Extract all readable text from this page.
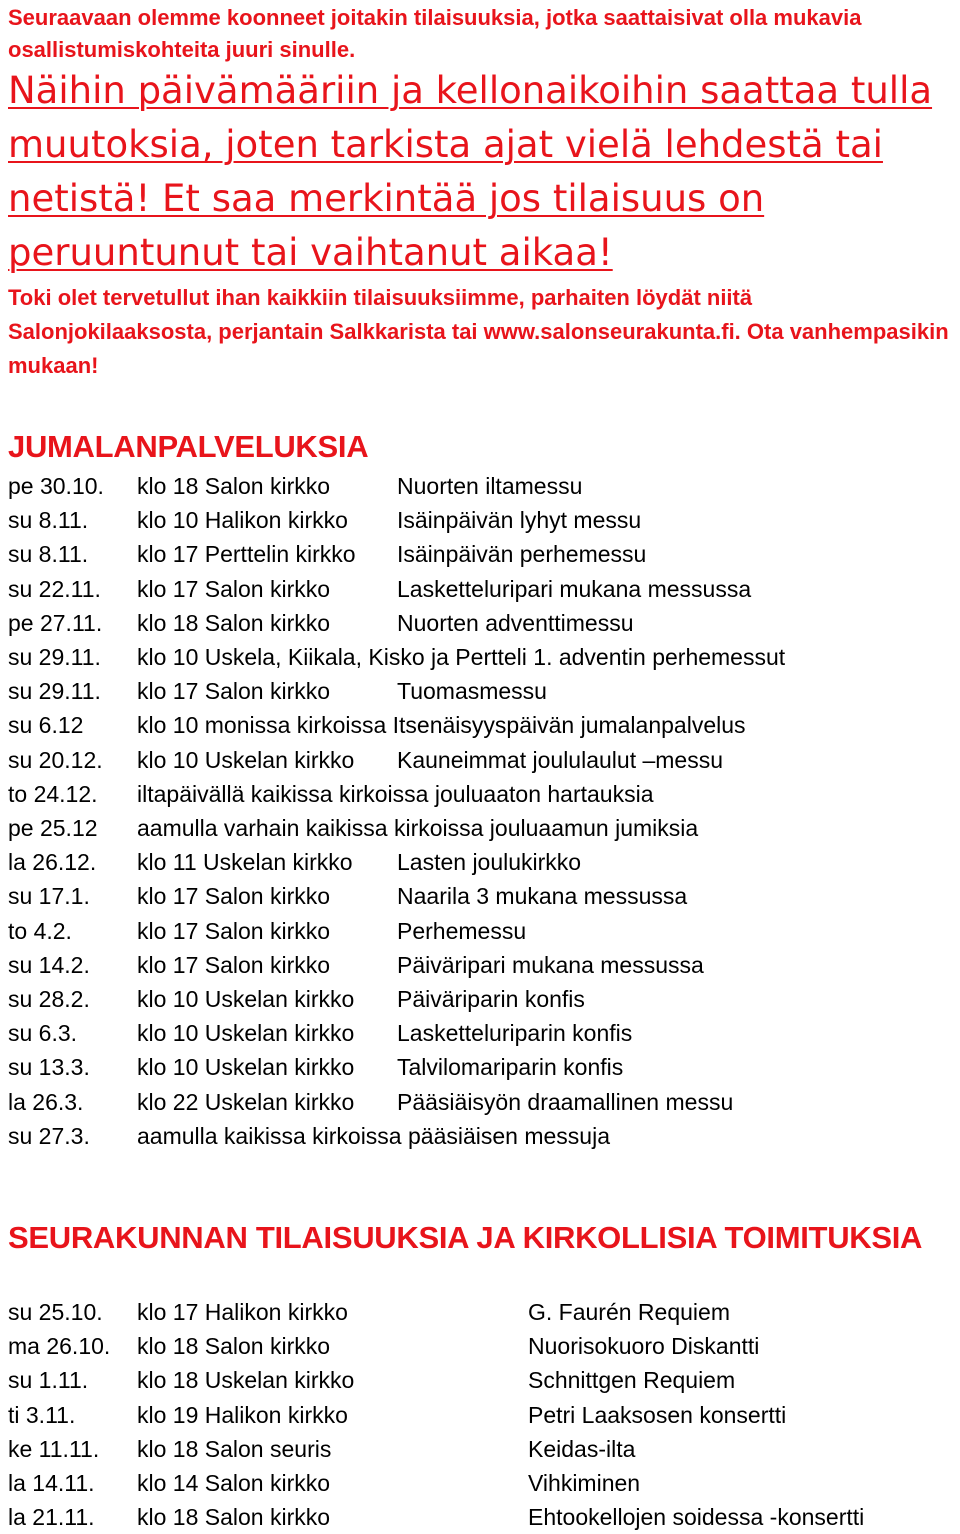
Seuraavaan olemme koonneet joitakin tilaisuuksia, jotka saattaisivat olla mukavia osallistumiskohteita juuri sinulle.
Näihin päivämääriin ja kellonaikoihin saattaa tulla muutoksia, joten tarkista ajat vielä lehdestä tai netistä! Et saa merkintää jos tilaisuus on peruuntunut tai vaihtanut aikaa!
Toki olet tervetullut ihan kaikkiin tilaisuuksiimme, parhaiten löydät niitä Salonjokilaaksosta, perjantain Salkkarista tai www.salonseurakunta.fi. Ota vanhempasikin mukaan!
JUMALANPALVELUKSIA
pe 30.10. klo 18 Salon kirkko	Nuorten iltamessu
su 8.11. klo 10 Halikon kirkko Isäinpäivän lyhyt messu
su 8.11. klo 17 Perttelin kirkko Isäinpäivän perhemessu
su 22.11. klo 17 Salon kirkko	Lasketteluripari mukana messussa
pe 27.11. klo 18 Salon kirkko	Nuorten adventtimessu
su 29.11. klo 10 Uskela, Kiikala, Kisko ja Pertteli 1. adventin perhemessut
su 29.11. klo 17 Salon kirkko	Tuomasmessu
su 6.12 klo 10 monissa kirkoissa Itsenäisyyspäivän jumalanpalvelus
su 20.12. klo 10 Uskelan kirkko Kauneimmat joululaulut –messu
to 24.12. iltapäivällä kaikissa kirkoissa jouluaaton hartauksia
pe 25.12 aamulla varhain kaikissa kirkoissa jouluaamun jumiksia
la 26.12. klo 11 Uskelan kirkko Lasten joulukirkko
su 17.1. klo 17 Salon kirkko	Naarila 3 mukana messussa
to 4.2.	klo 17 Salon kirkko	Perhemessu
su 14.2. klo 17 Salon kirkko	Päiväripari mukana messussa
su 28.2. klo 10 Uskelan kirkko Päiväriparin konfis
su 6.3.	klo 10 Uskelan kirkko Lasketteluriparin konfis
su 13.3. klo 10 Uskelan kirkko Talvilomariparin konfis
la 26.3. klo 22 Uskelan kirkko Pääsiäisyön draamallinen messu
su 27.3. aamulla kaikissa kirkoissa pääsiäisen messuja
SEURAKUNNAN TILAISUUKSIA JA KIRKOLLISIA TOIMITUKSIA
su 25.10. klo 17 Halikon kirkko	G. Faurén Requiem
ma 26.10. klo 18 Salon kirkko	Nuorisokuoro Diskantti
su 1.11. klo 18 Uskelan kirkko	Schnittgen Requiem
ti 3.11.	klo 19 Halikon kirkko	Petri Laaksosen konsertti
ke 11.11. klo 18 Salon seuris	Keidas-ilta
la 14.11. klo 14 Salon kirkko	Vihkiminen
la 21.11. klo 18 Salon kirkko	Ehtookellojen soidessa -konsertti
